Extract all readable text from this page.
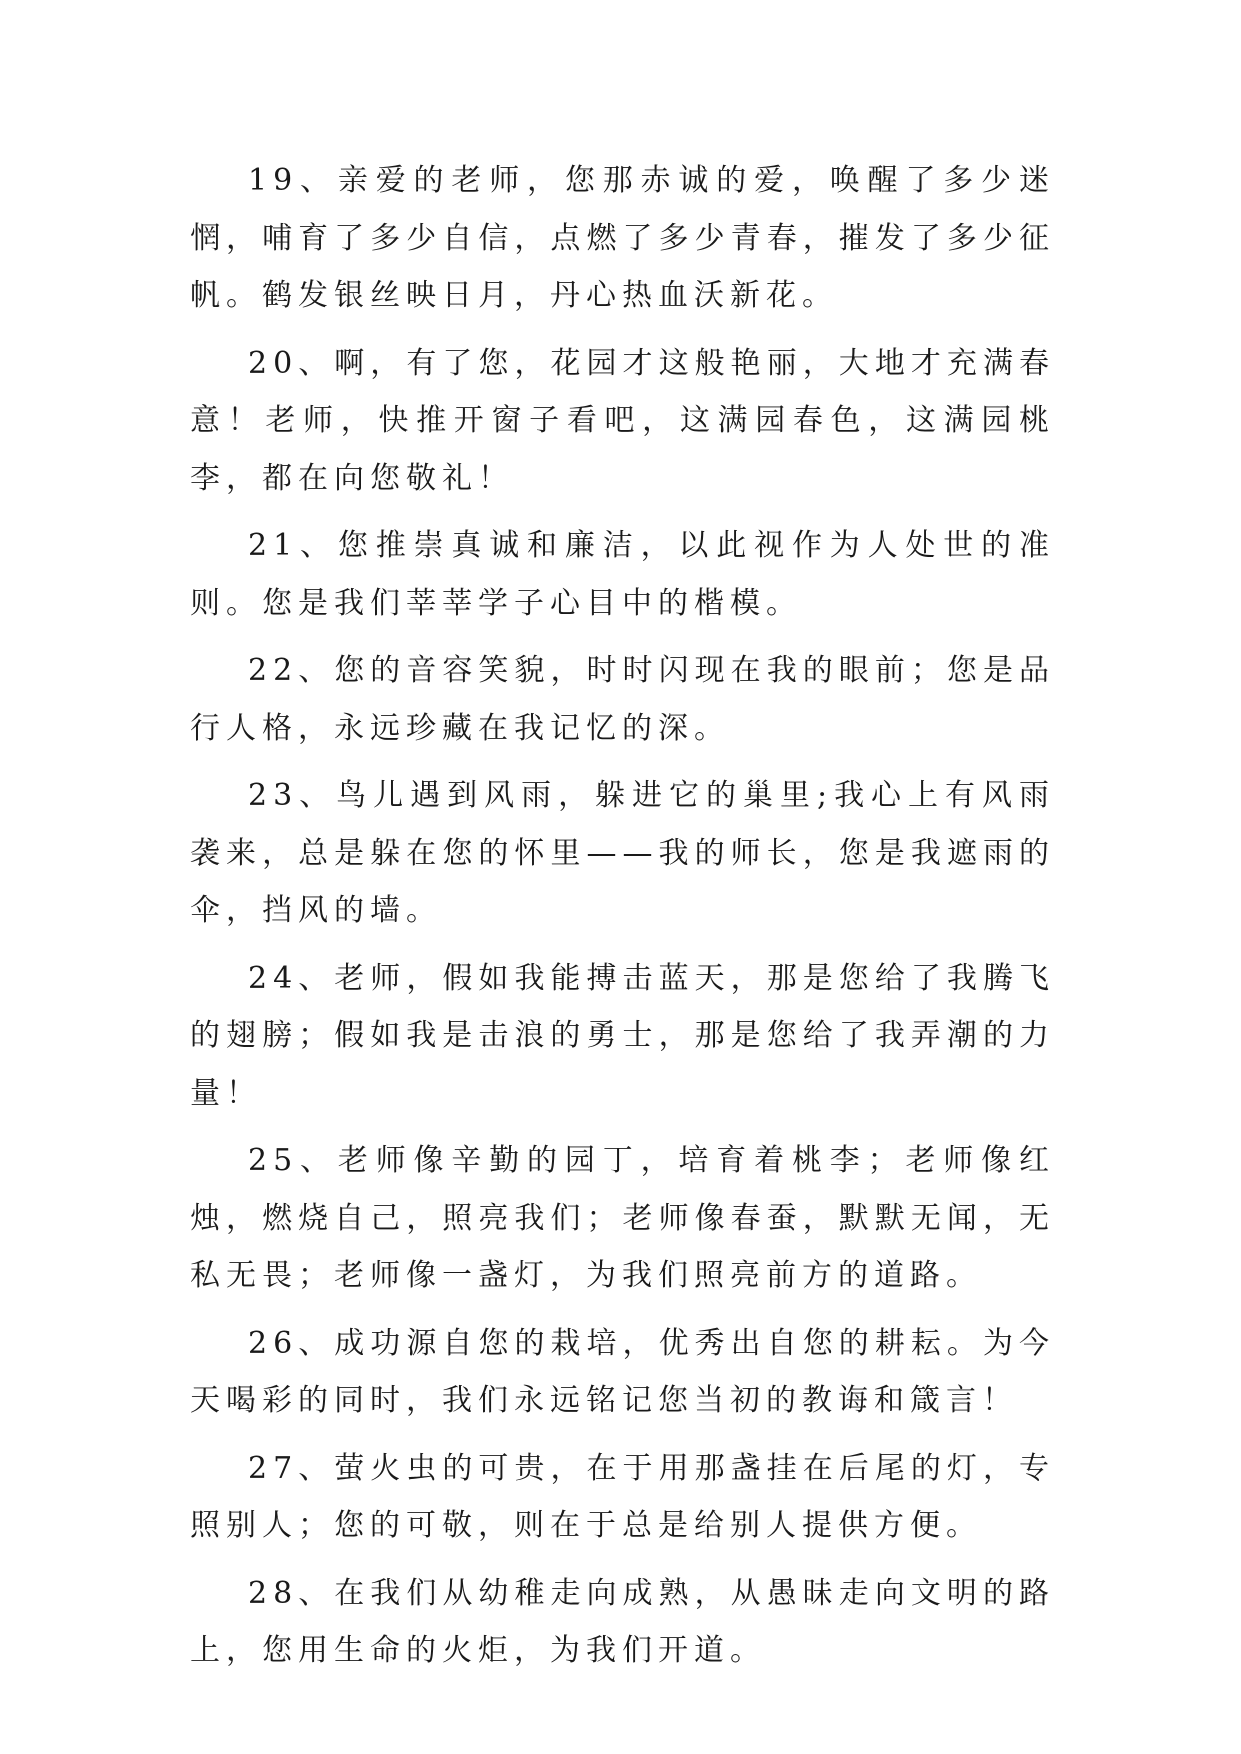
19、亲爱的老师，您那赤诚的爱，唤醒了多少迷惘，哺育了多少自信，点燃了多少青春，摧发了多少征帆。鹤发银丝映日月，丹心热血沃新花。

20、啊，有了您，花园才这般艳丽，大地才充满春意！老师，快推开窗子看吧，这满园春色，这满园桃李，都在向您敬礼！

21、您推崇真诚和廉洁，以此视作为人处世的准则。您是我们莘莘学子心目中的楷模。

22、您的音容笑貌，时时闪现在我的眼前；您是品行人格，永远珍藏在我记忆的深。

23、鸟儿遇到风雨，躲进它的巢里;我心上有风雨袭来，总是躲在您的怀里——我的师长，您是我遮雨的伞，挡风的墙。

24、老师，假如我能搏击蓝天，那是您给了我腾飞的翅膀；假如我是击浪的勇士，那是您给了我弄潮的力量！

25、老师像辛勤的园丁，培育着桃李；老师像红烛，燃烧自己，照亮我们；老师像春蚕，默默无闻，无私无畏；老师像一盏灯，为我们照亮前方的道路。

26、成功源自您的栽培，优秀出自您的耕耘。为今天喝彩的同时，我们永远铭记您当初的教诲和箴言！

27、萤火虫的可贵，在于用那盏挂在后尾的灯，专照别人；您的可敬，则在于总是给别人提供方便。

28、在我们从幼稚走向成熟，从愚昧走向文明的路上，您用生命的火炬，为我们开道。
